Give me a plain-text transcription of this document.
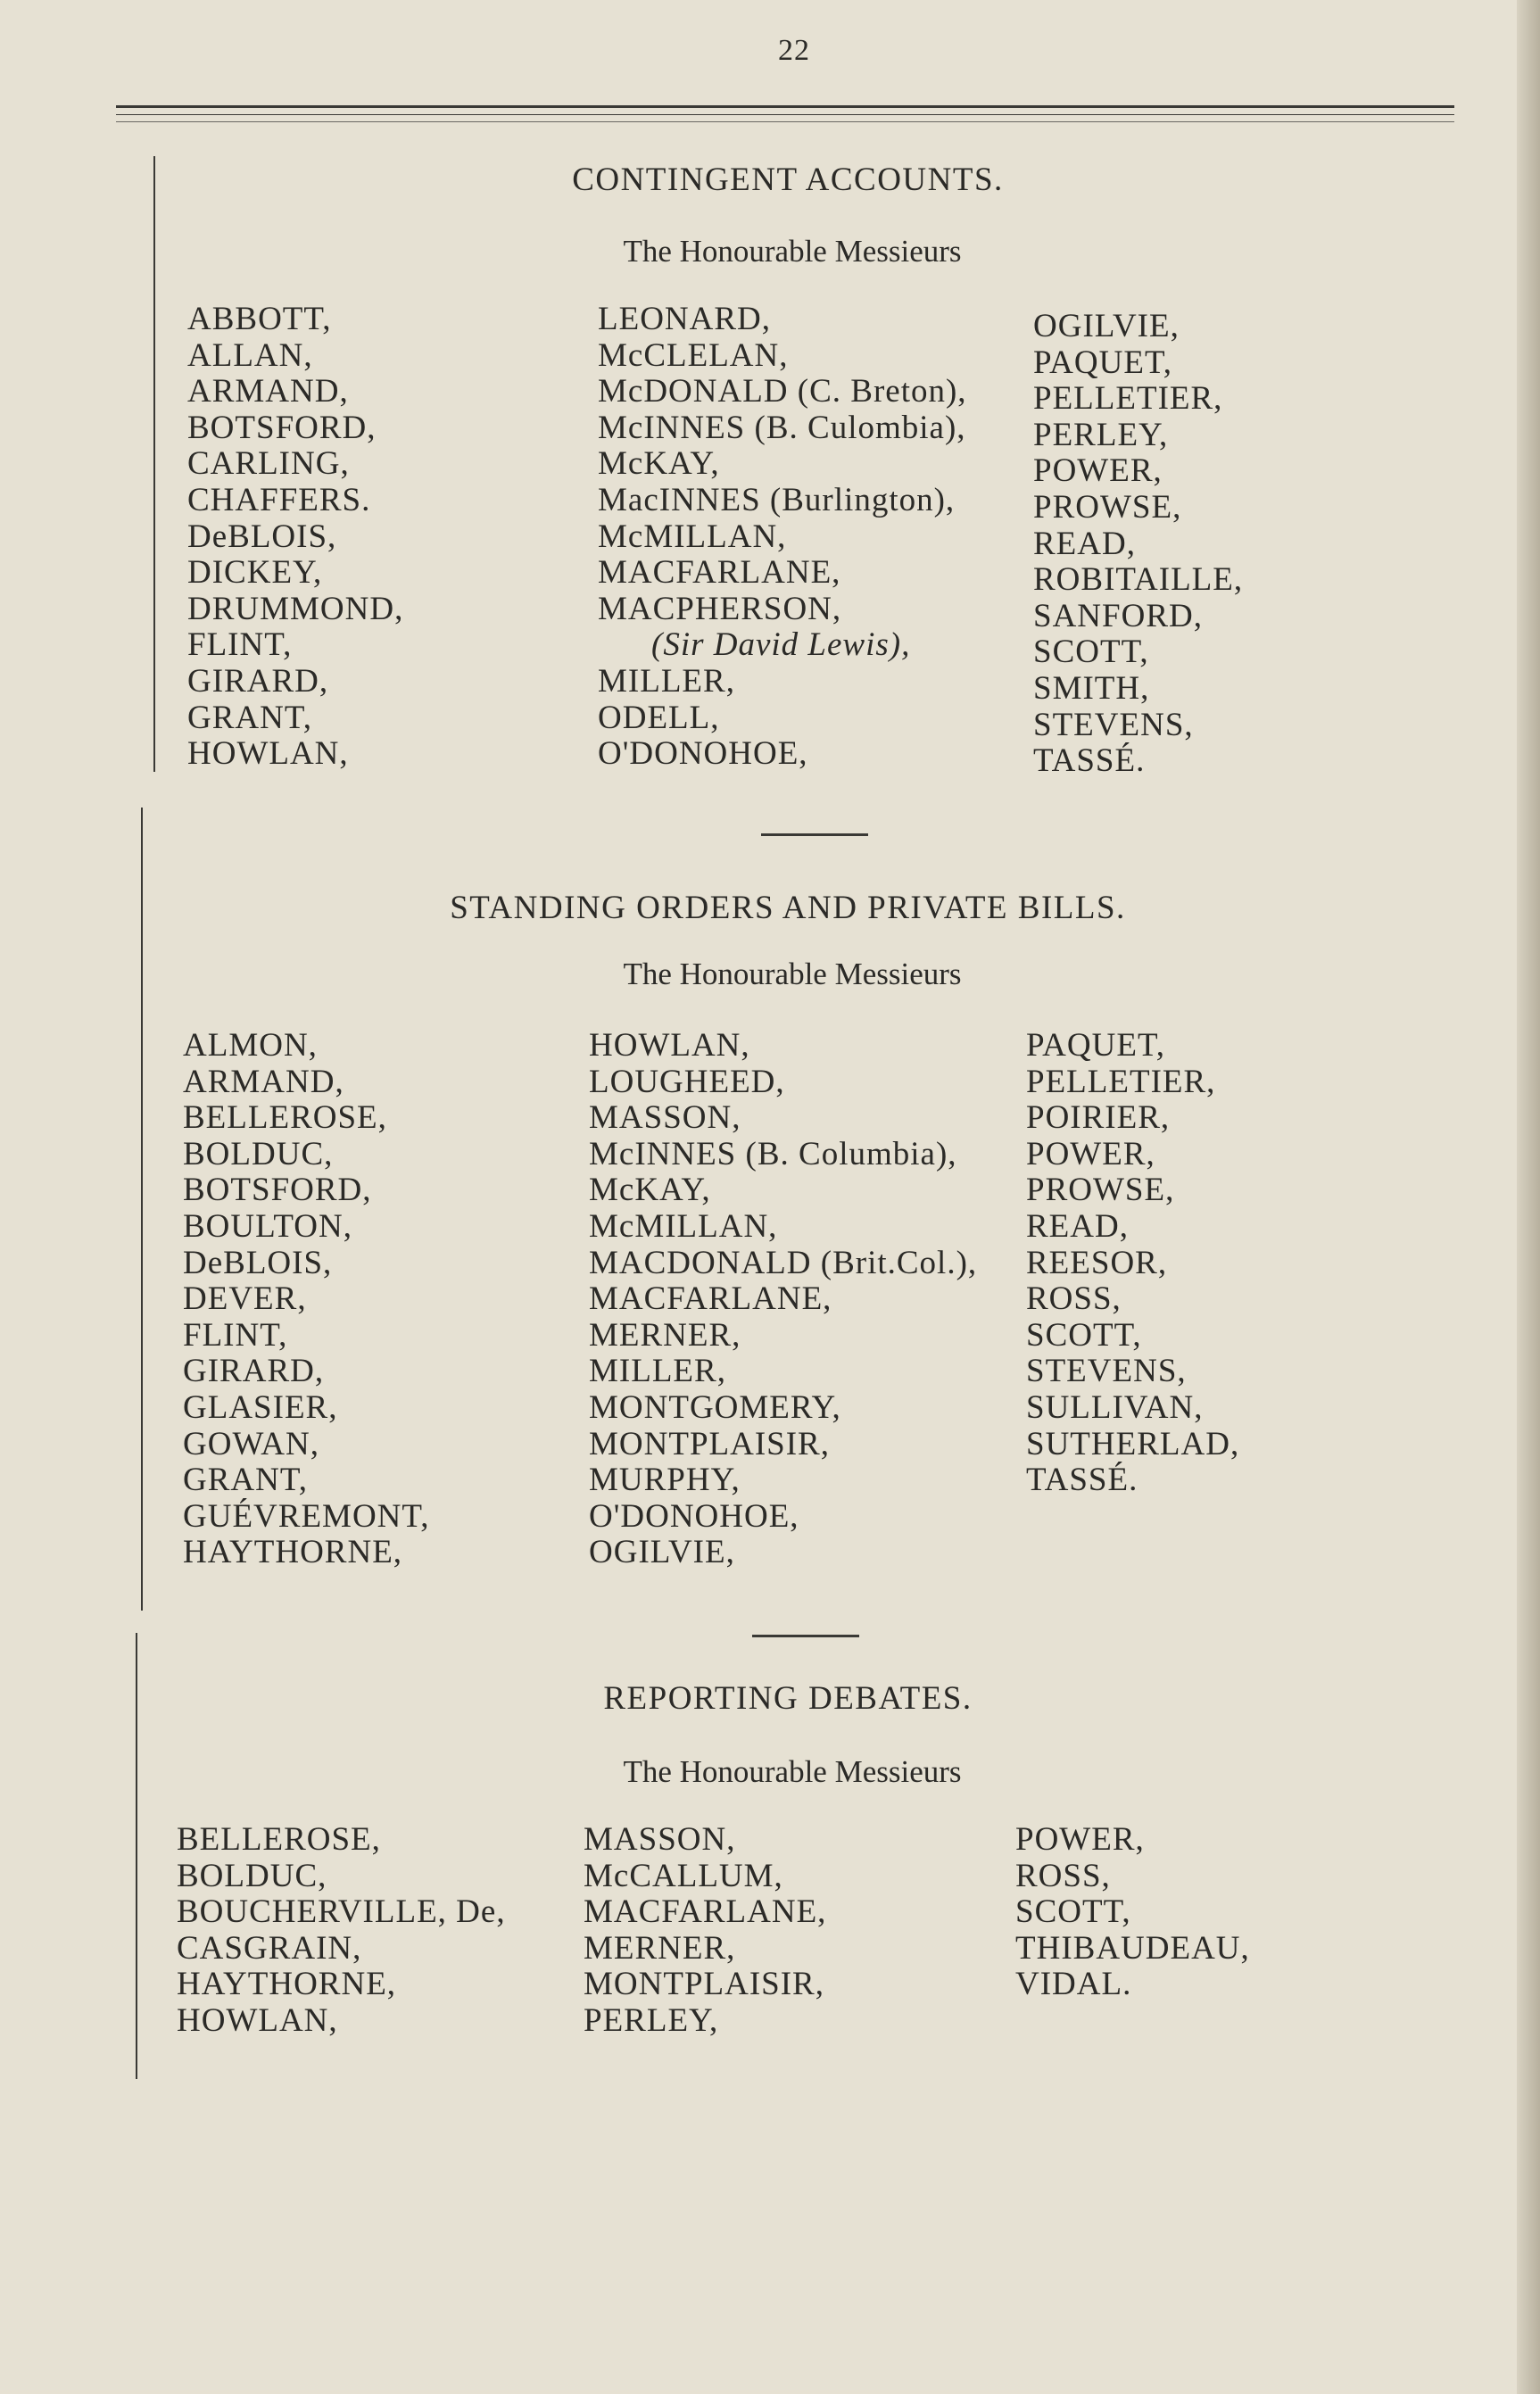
22
CONTINGENT ACCOUNTS.
The Honourable Messieurs
ABBOTT,
ALLAN,
ARMAND,
BOTSFORD,
CARLING,
CHAFFERS.
DeBLOIS,
DICKEY,
DRUMMOND,
FLINT,
GIRARD,
GRANT,
HOWLAN,
LEONARD,
McCLELAN,
McDONALD (C. Breton),
McINNES (B. Culombia),
McKAY,
MacINNES (Burlington),
McMILLAN,
MACFARLANE,
MACPHERSON,
(Sir David Lewis),
MILLER,
ODELL,
O'DONOHOE,
OGILVIE,
PAQUET,
PELLETIER,
PERLEY,
POWER,
PROWSE,
READ,
ROBITAILLE,
SANFORD,
SCOTT,
SMITH,
STEVENS,
TASSÉ.
STANDING ORDERS AND PRIVATE BILLS.
The Honourable Messieurs
ALMON,
ARMAND,
BELLEROSE,
BOLDUC,
BOTSFORD,
BOULTON,
DeBLOIS,
DEVER,
FLINT,
GIRARD,
GLASIER,
GOWAN,
GRANT,
GUÉVREMONT,
HAYTHORNE,
HOWLAN,
LOUGHEED,
MASSON,
McINNES (B. Columbia),
McKAY,
McMILLAN,
MACDONALD (Brit.Col.),
MACFARLANE,
MERNER,
MILLER,
MONTGOMERY,
MONTPLAISIR,
MURPHY,
O'DONOHOE,
OGILVIE,
PAQUET,
PELLETIER,
POIRIER,
POWER,
PROWSE,
READ,
REESOR,
ROSS,
SCOTT,
STEVENS,
SULLIVAN,
SUTHERLAD,
TASSÉ.
REPORTING DEBATES.
The Honourable Messieurs
BELLEROSE,
BOLDUC,
BOUCHERVILLE, De,
CASGRAIN,
HAYTHORNE,
HOWLAN,
MASSON,
McCALLUM,
MACFARLANE,
MERNER,
MONTPLAISIR,
PERLEY,
POWER,
ROSS,
SCOTT,
THIBAUDEAU,
VIDAL.
